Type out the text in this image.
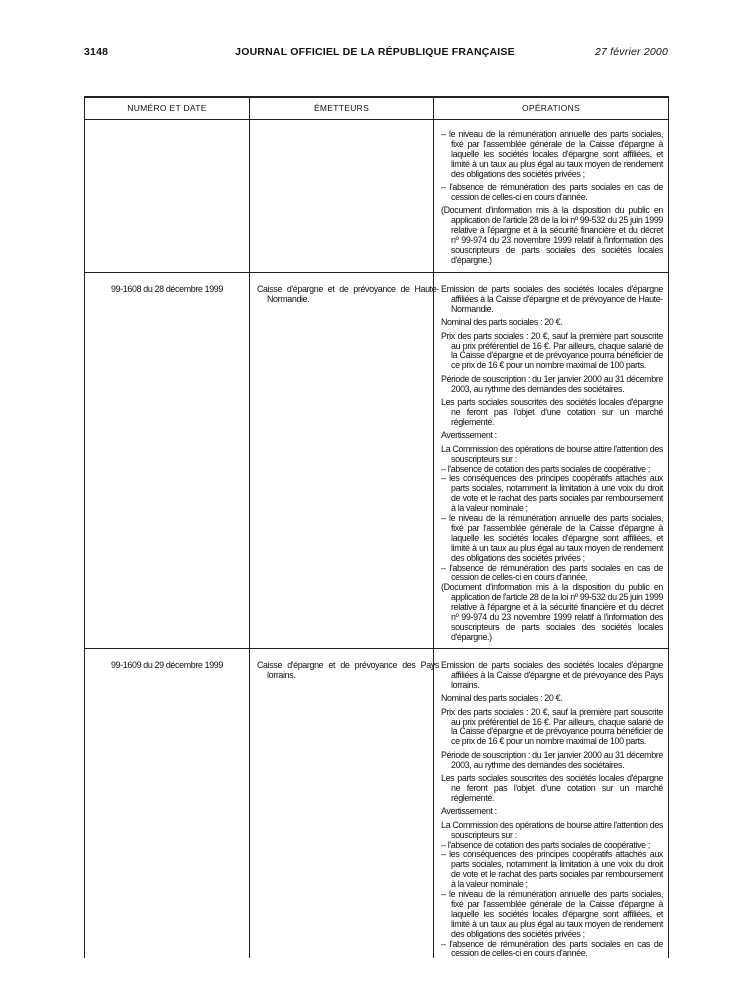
3148	JOURNAL OFFICIEL DE LA RÉPUBLIQUE FRANÇAISE	27 février 2000
NUMÉRO ET DATE	ÉMETTEURS	OPÉRATIONS

– le niveau de la rémunération annuelle des parts sociales, fixé par l'assemblée générale de la Caisse d'épargne à laquelle les sociétés locales d'épargne sont affiliées, et limité à un taux au plus égal au taux moyen de rendement des obligations des sociétés privées ;

– l'absence de rémunération des parts sociales en cas de cession de celles-ci en cours d'année.

(Document d'information mis à la disposition du public en application de l'article 28 de la loi nº 99-532 du 25 juin 1999 relative à l'épargne et à la sécurité financière et du décret nº 99-974 du 23 novembre 1999 relatif à l'information des souscripteurs de parts sociales des sociétés locales d'épargne.)

99-1608 du 28 décembre 1999	Caisse d'épargne et de prévoyance de Haute-Normandie.

Emission de parts sociales des sociétés locales d'épargne affiliées à la Caisse d'épargne et de prévoyance de Haute-Normandie.

Nominal des parts sociales : 20 €.

Prix des parts sociales : 20 €, sauf la première part souscrite au prix préférentiel de 16 €. Par ailleurs, chaque salarié de la Caisse d'épargne et de prévoyance pourra bénéficier de ce prix de 16 € pour un nombre maximal de 100 parts.

Période de souscription : du 1er janvier 2000 au 31 décembre 2003, au rythme des demandes des sociétaires.

Les parts sociales souscrites des sociétés locales d'épargne ne feront pas l'objet d'une cotation sur un marché réglementé.

Avertissement :

La Commission des opérations de bourse attire l'attention des souscripteurs sur :

– l'absence de cotation des parts sociales de coopérative ;

– les conséquences des principes coopératifs attachés aux parts sociales, notamment la limitation à une voix du droit de vote et le rachat des parts sociales par remboursement à la valeur nominale ;

– le niveau de la rémunération annuelle des parts sociales, fixé par l'assemblée générale de la Caisse d'épargne à laquelle les sociétés locales d'épargne sont affiliées, et limité à un taux au plus égal au taux moyen de rendement des obligations des sociétés privées ;

– l'absence de rémunération des parts sociales en cas de cession de celles-ci en cours d'année.

(Document d'information mis à la disposition du public en application de l'article 28 de la loi nº 99-532 du 25 juin 1999 relative à l'épargne et à la sécurité financière et du décret nº 99-974 du 23 novembre 1999 relatif à l'information des souscripteurs de parts sociales des sociétés locales d'épargne.)

99-1609 du 29 décembre 1999	Caisse d'épargne et de prévoyance des Pays lorrains.

Emission de parts sociales des sociétés locales d'épargne affiliées à la Caisse d'épargne et de prévoyance des Pays lorrains.

Nominal des parts sociales : 20 €.

Prix des parts sociales : 20 €, sauf la première part souscrite au prix préférentiel de 16 €. Par ailleurs, chaque salarié de la Caisse d'épargne et de prévoyance pourra bénéficier de ce prix de 16 € pour un nombre maximal de 100 parts.

Période de souscription : du 1er janvier 2000 au 31 décembre 2003, au rythme des demandes des sociétaires.

Les parts sociales souscrites des sociétés locales d'épargne ne feront pas l'objet d'une cotation sur un marché réglementé.

Avertissement :

La Commission des opérations de bourse attire l'attention des souscripteurs sur :

– l'absence de cotation des parts sociales de coopérative ;

– les conséquences des principes coopératifs attachés aux parts sociales, notamment la limitation à une voix du droit de vote et le rachat des parts sociales par remboursement à la valeur nominale ;

– le niveau de la rémunération annuelle des parts sociales, fixé par l'assemblée générale de la Caisse d'épargne à laquelle les sociétés locales d'épargne sont affiliées, et limité à un taux au plus égal au taux moyen de rendement des obligations des sociétés privées ;

– l'absence de rémunération des parts sociales en cas de cession de celles-ci en cours d'année.
